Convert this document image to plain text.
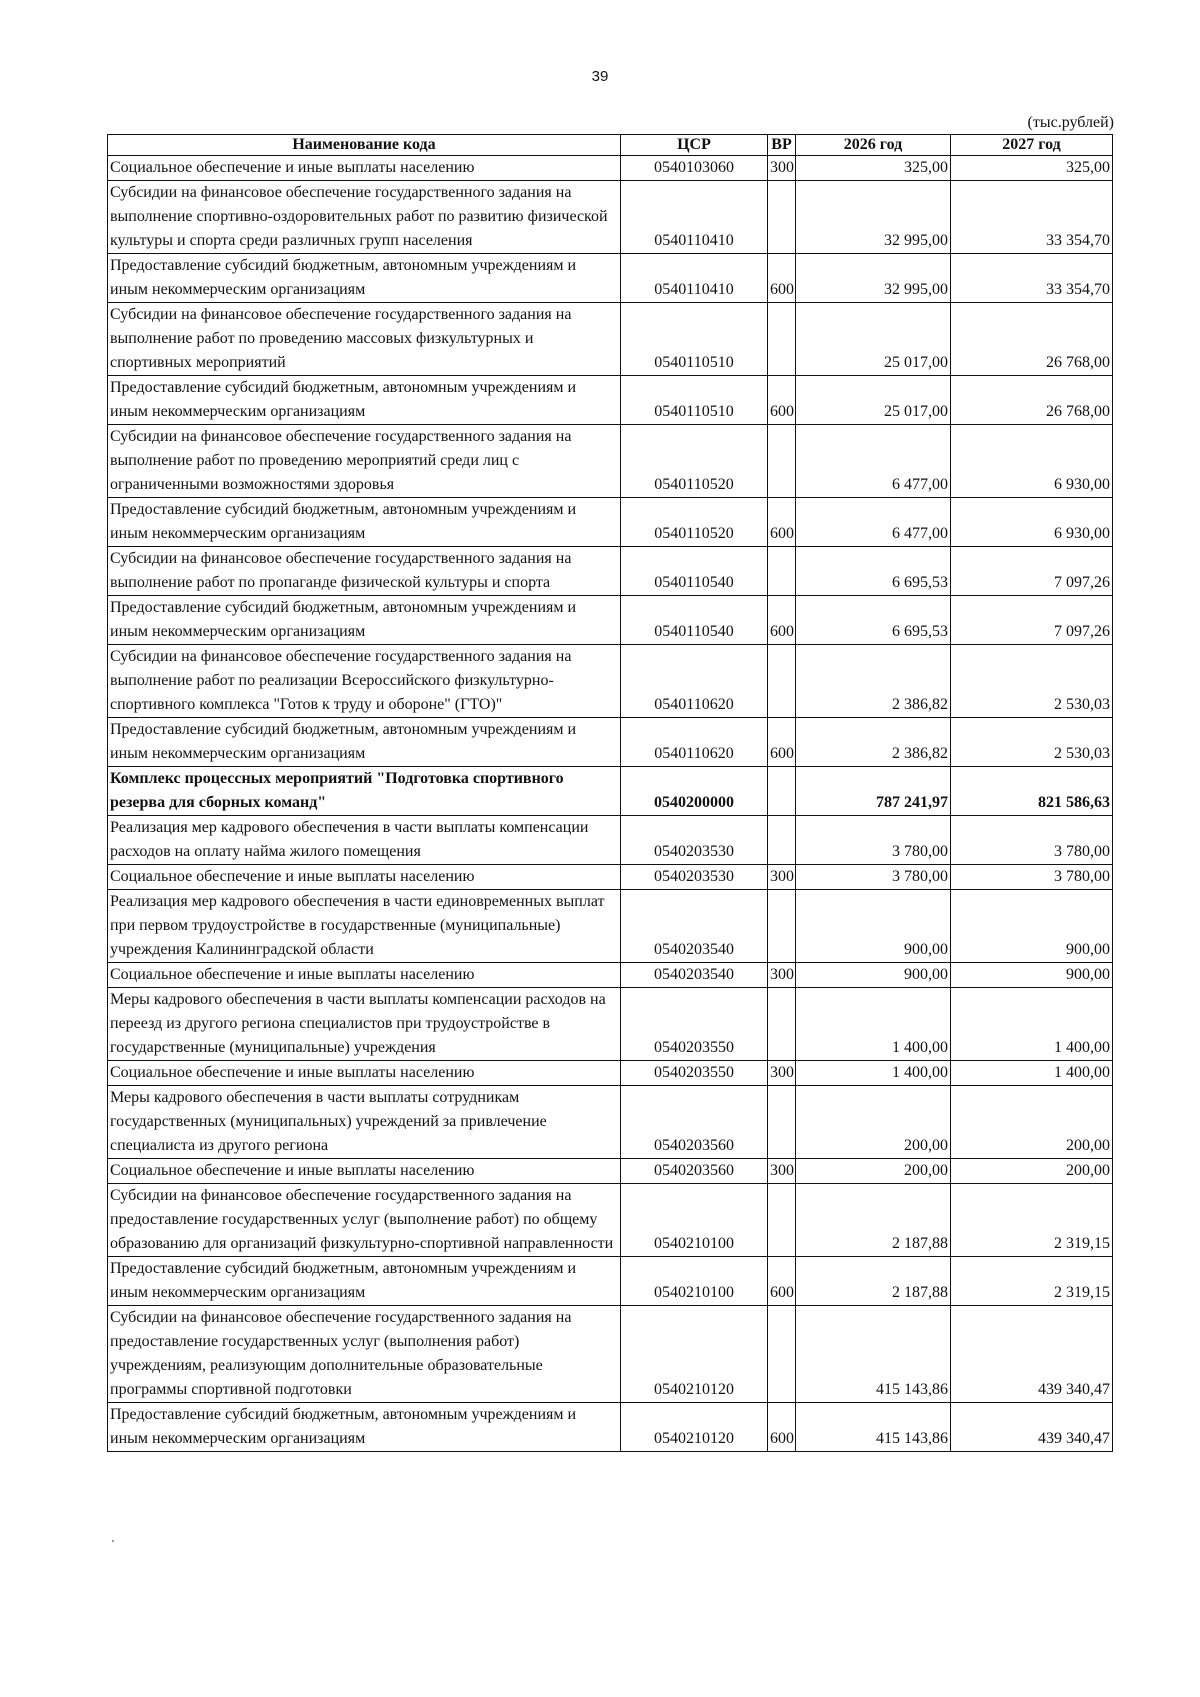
39
(тыс.рублей)
Наименование кода	ЦСР	ВР	2026 год	2027 год
Социальное обеспечение и иные выплаты населению	0540103060	300	325,00	325,00
Субсидии на финансовое обеспечение государственного задания на выполнение спортивно-оздоровительных работ по развитию физической культуры и спорта среди различных групп населения	0540110410		32 995,00	33 354,70
Предоставление субсидий бюджетным, автономным учреждениям и иным некоммерческим организациям	0540110410	600	32 995,00	33 354,70
Субсидии на финансовое обеспечение государственного задания на выполнение работ по проведению массовых физкультурных и спортивных мероприятий	0540110510		25 017,00	26 768,00
Предоставление субсидий бюджетным, автономным учреждениям и иным некоммерческим организациям	0540110510	600	25 017,00	26 768,00
Субсидии на финансовое обеспечение государственного задания на выполнение работ по проведению мероприятий среди лиц с ограниченными возможностями здоровья	0540110520		6 477,00	6 930,00
Предоставление субсидий бюджетным, автономным учреждениям и иным некоммерческим организациям	0540110520	600	6 477,00	6 930,00
Субсидии на финансовое обеспечение государственного задания на выполнение работ по пропаганде физической культуры и спорта	0540110540		6 695,53	7 097,26
Предоставление субсидий бюджетным, автономным учреждениям и иным некоммерческим организациям	0540110540	600	6 695,53	7 097,26
Субсидии на финансовое обеспечение государственного задания на выполнение работ по реализации Всероссийского физкультурно-спортивного комплекса "Готов к труду и обороне" (ГТО)"	0540110620		2 386,82	2 530,03
Предоставление субсидий бюджетным, автономным учреждениям и иным некоммерческим организациям	0540110620	600	2 386,82	2 530,03
Комплекс процессных мероприятий "Подготовка спортивного резерва для сборных команд"	0540200000		787 241,97	821 586,63
Реализация мер кадрового обеспечения в части выплаты компенсации расходов на оплату найма жилого помещения	0540203530		3 780,00	3 780,00
Социальное обеспечение и иные выплаты населению	0540203530	300	3 780,00	3 780,00
Реализация мер кадрового обеспечения в части единовременных выплат при первом трудоустройстве в государственные (муниципальные) учреждения Калининградской области	0540203540		900,00	900,00
Социальное обеспечение и иные выплаты населению	0540203540	300	900,00	900,00
Меры кадрового обеспечения в части выплаты компенсации расходов на переезд из другого региона специалистов при трудоустройстве в государственные (муниципальные) учреждения	0540203550		1 400,00	1 400,00
Социальное обеспечение и иные выплаты населению	0540203550	300	1 400,00	1 400,00
Меры кадрового обеспечения в части выплаты сотрудникам государственных (муниципальных) учреждений за привлечение специалиста из другого региона	0540203560		200,00	200,00
Социальное обеспечение и иные выплаты населению	0540203560	300	200,00	200,00
Субсидии на финансовое обеспечение государственного задания на предоставление государственных услуг (выполнение работ) по общему образованию для организаций физкультурно-спортивной направленности	0540210100		2 187,88	2 319,15
Предоставление субсидий бюджетным, автономным учреждениям и иным некоммерческим организациям	0540210100	600	2 187,88	2 319,15
Субсидии на финансовое обеспечение государственного задания на предоставление государственных услуг (выполнения работ) учреждениям, реализующим дополнительные образовательные программы спортивной подготовки	0540210120		415 143,86	439 340,47
Предоставление субсидий бюджетным, автономным учреждениям и иным некоммерческим организациям	0540210120	600	415 143,86	439 340,47
